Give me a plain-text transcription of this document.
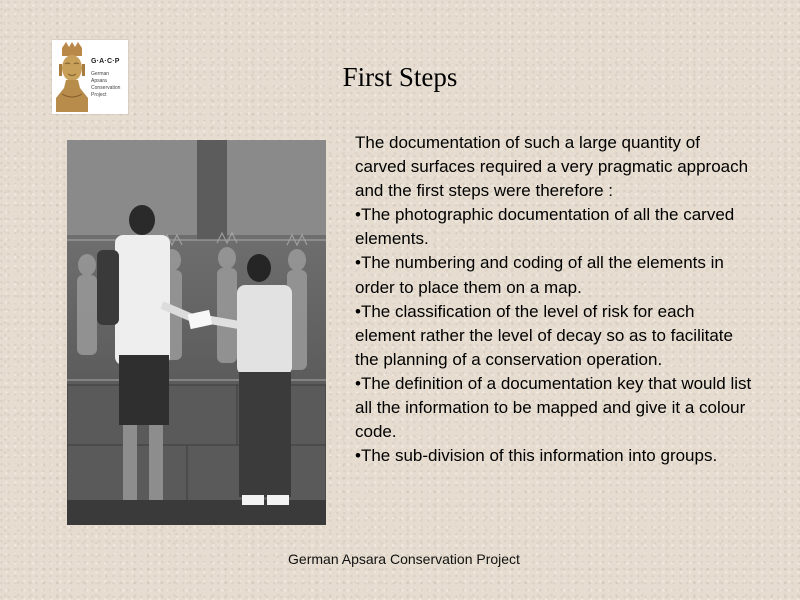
G·A·C·P
German
Apsara
Conservation
Project
First Steps

The documentation of such a large quantity of carved surfaces required a very pragmatic approach and the first steps were therefore :

•The photographic documentation of all the carved elements.

•The numbering and coding of all the elements in order to place them on a map.

•The classification of the level of risk for each element rather the level of decay so as to facilitate the planning of a conservation operation.

•The definition of a documentation key that would list all the information to be mapped and give it a colour code.

•The sub-division of this information into groups.

German Apsara Conservation Project
